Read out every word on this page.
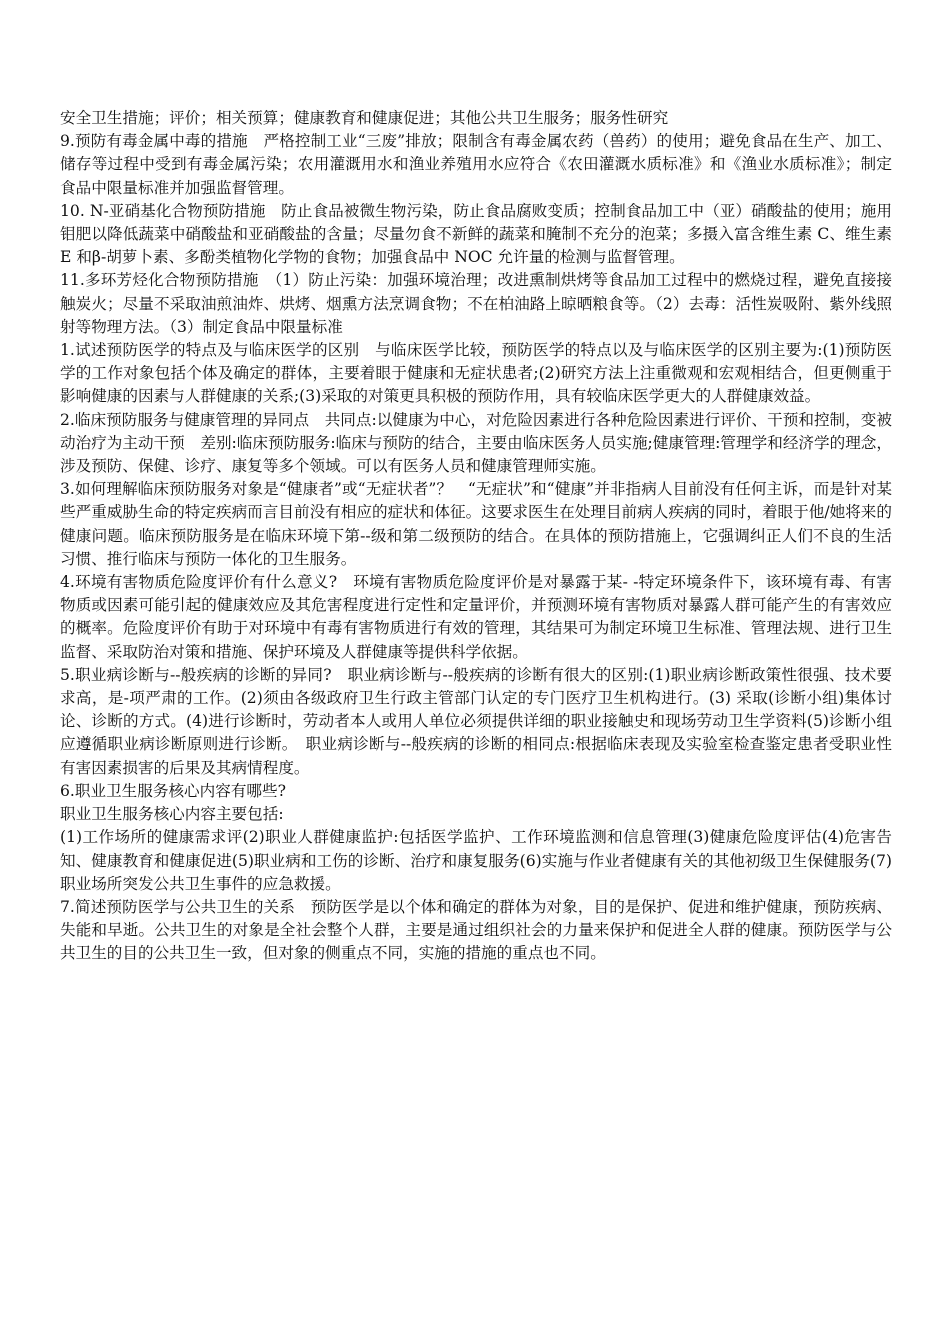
安全卫生措施；评价；相关预算；健康教育和健康促进；其他公共卫生服务；服务性研究

9.预防有毒金属中毒的措施　严格控制工业“三废”排放；限制含有毒金属农药（兽药）的使用；避免食品在生产、加工、储存等过程中受到有毒金属污染；农用灌溉用水和渔业养殖用水应符合《农田灌溉水质标准》和《渔业水质标准》；制定食品中限量标准并加强监督管理。

10. N-亚硝基化合物预防措施　防止食品被微生物污染，防止食品腐败变质；控制食品加工中（亚）硝酸盐的使用；施用钼肥以降低蔬菜中硝酸盐和亚硝酸盐的含量；尽量勿食不新鲜的蔬菜和腌制不充分的泡菜；多摄入富含维生素 C、维生素 E 和β-胡萝卜素、多酚类植物化学物的食物；加强食品中 NOC 允许量的检测与监督管理。

11.多环芳烃化合物预防措施　（1）防止污染：加强环境治理；改进熏制烘烤等食品加工过程中的燃烧过程，避免直接接触炭火；尽量不采取油煎油炸、烘烤、烟熏方法烹调食物；不在柏油路上晾晒粮食等。（2）去毒：活性炭吸附、紫外线照射等物理方法。（3）制定食品中限量标准

1.试述预防医学的特点及与临床医学的区别　与临床医学比较，预防医学的特点以及与临床医学的区别主要为:(1)预防医学的工作对象包括个体及确定的群体，主要着眼于健康和无症状患者;(2)研究方法上注重微观和宏观相结合，但更侧重于影响健康的因素与人群健康的关系;(3)采取的对策更具积极的预防作用，具有较临床医学更大的人群健康效益。

2.临床预防服务与健康管理的异同点　共同点:以健康为中心，对危险因素进行各种危险因素进行评价、干预和控制，变被动治疗为主动干预　差别:临床预防服务:临床与预防的结合，主要由临床医务人员实施;健康管理:管理学和经济学的理念，涉及预防、保健、诊疗、康复等多个领域。可以有医务人员和健康管理师实施。

3.如何理解临床预防服务对象是“健康者”或“无症状者”？　“无症状”和“健康”并非指病人目前没有任何主诉，而是针对某些严重威胁生命的特定疾病而言目前没有相应的症状和体征。这要求医生在处理目前病人疾病的同时，着眼于他/她将来的健康问题。临床预防服务是在临床环境下第--级和第二级预防的结合。在具体的预防措施上，它强调纠正人们不良的生活习惯、推行临床与预防一体化的卫生服务。

4.环境有害物质危险度评价有什么意义?　环境有害物质危险度评价是对暴露于某- -特定环境条件下，该环境有毒、有害物质或因素可能引起的健康效应及其危害程度进行定性和定量评价，并预测环境有害物质对暴露人群可能产生的有害效应的概率。危险度评价有助于对环境中有毒有害物质进行有效的管理，其结果可为制定环境卫生标准、管理法规、进行卫生监督、采取防治对策和措施、保护环境及人群健康等提供科学依据。

5.职业病诊断与--般疾病的诊断的异同?　职业病诊断与--般疾病的诊断有很大的区别:(1)职业病诊断政策性很强、技术要求高，是-项严肃的工作。(2)须由各级政府卫生行政主管部门认定的专门医疗卫生机构进行。(3) 采取(诊断小组)集体讨论、诊断的方式。(4)进行诊断时，劳动者本人或用人单位必须提供详细的职业接触史和现场劳动卫生学资料(5)诊断小组应遵循职业病诊断原则进行诊断。　职业病诊断与--般疾病的诊断的相同点:根据临床表现及实验室检查鉴定患者受职业性有害因素损害的后果及其病情程度。

6.职业卫生服务核心内容有哪些?

职业卫生服务核心内容主要包括:

(1)工作场所的健康需求评(2)职业人群健康监护:包括医学监护、工作环境监测和信息管理(3)健康危险度评估(4)危害告知、健康教育和健康促进(5)职业病和工伤的诊断、治疗和康复服务(6)实施与作业者健康有关的其他初级卫生保健服务(7)职业场所突发公共卫生事件的应急救援。

7.简述预防医学与公共卫生的关系　预防医学是以个体和确定的群体为对象，目的是保护、促进和维护健康，预防疾病、失能和早逝。公共卫生的对象是全社会整个人群，主要是通过组织社会的力量来保护和促进全人群的健康。预防医学与公共卫生的目的公共卫生一致，但对象的侧重点不同，实施的措施的重点也不同。
